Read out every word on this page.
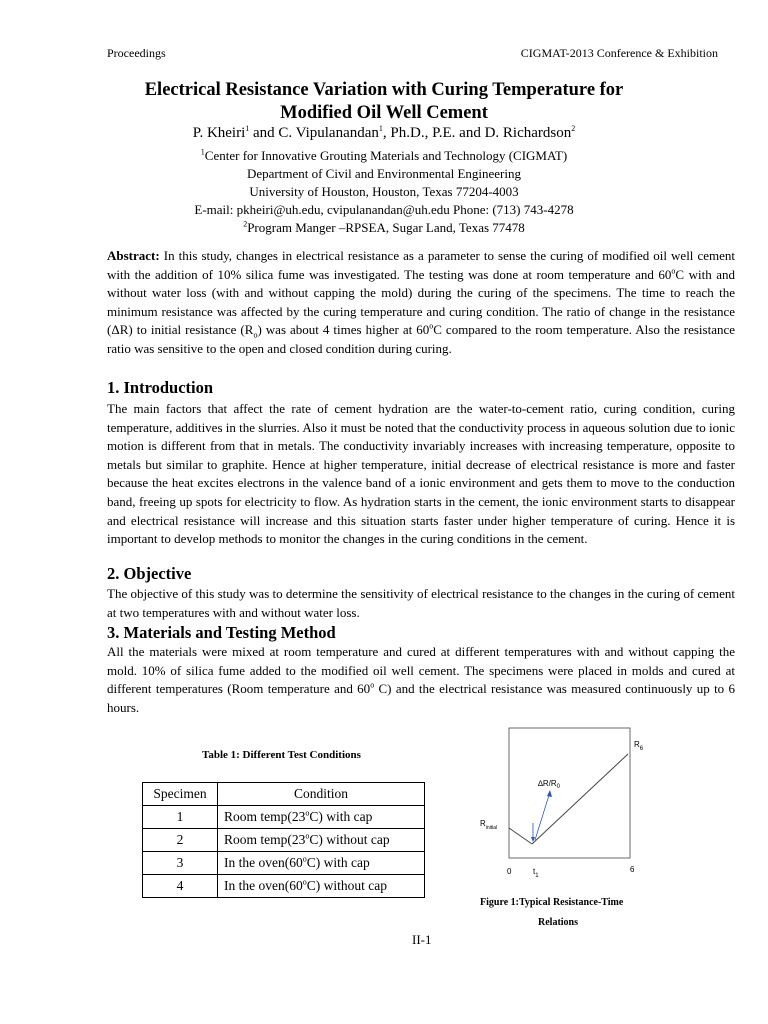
Proceedings	CIGMAT-2013 Conference & Exhibition
Electrical Resistance Variation with Curing Temperature for
Modified Oil Well Cement
P. Kheiri$^1$ and C. Vipulanandan$^1$, Ph.D., P.E. and D. Richardson$^2$
$^1$Center for Innovative Grouting Materials and Technology (CIGMAT)
Department of Civil and Environmental Engineering
University of Houston, Houston, Texas 77204-4003
E-mail: pkheiri@uh.edu, cvipulanandan@uh.edu Phone: (713) 743-4278
$^2$Program Manger –RPSEA, Sugar Land, Texas 77478
Abstract: In this study, changes in electrical resistance as a parameter to sense the curing of modified oil well cement with the addition of 10% silica fume was investigated. The testing was done at room temperature and 60$^o$C with and without water loss (with and without capping the mold) during the curing of the specimens. The time to reach the minimum resistance was affected by the curing temperature and curing condition. The ratio of change in the resistance (ΔR) to initial resistance $(R_o)$ was about 4 times higher at 60$^o$C compared to the room temperature. Also the resistance ratio was sensitive to the open and closed condition during curing.
1. Introduction
The main factors that affect the rate of cement hydration are the water-to-cement ratio, curing condition, curing temperature, additives in the slurries. Also it must be noted that the conductivity process in aqueous solution due to ionic motion is different from that in metals. The conductivity invariably increases with increasing temperature, opposite to metals but similar to graphite. Hence at higher temperature, initial decrease of electrical resistance is more and faster because the heat excites electrons in the valence band of a ionic environment and gets them to move to the conduction band, freeing up spots for electricity to flow. As hydration starts in the cement, the ionic environment starts to disappear and electrical resistance will increase and this situation starts faster under higher temperature of curing. Hence it is important to develop methods to monitor the changes in the curing conditions in the cement.
2. Objective
The objective of this study was to determine the sensitivity of electrical resistance to the changes in the curing of cement at two temperatures with and without water loss.
3. Materials and Testing Method
All the materials were mixed at room temperature and cured at different temperatures with and without capping the mold. 10% of silica fume added to the modified oil well cement. The specimens were placed in molds and cured at different temperatures (Room temperature and 60$^o$ C) and the electrical resistance was measured continuously up to 6 hours.
Table 1: Different Test Conditions
Specimen	Condition
1	Room temp(23$^o$C) with cap
2	Room temp(23$^o$C) without cap
3	In the oven(60$^o$C) with cap
4	In the oven(60$^o$C) without cap
$R_6$
$\Delta R/R_0$
$R_{initial}$
0	$t_1$
6
Figure 1:Typical Resistance-Time
Relations
II-1
